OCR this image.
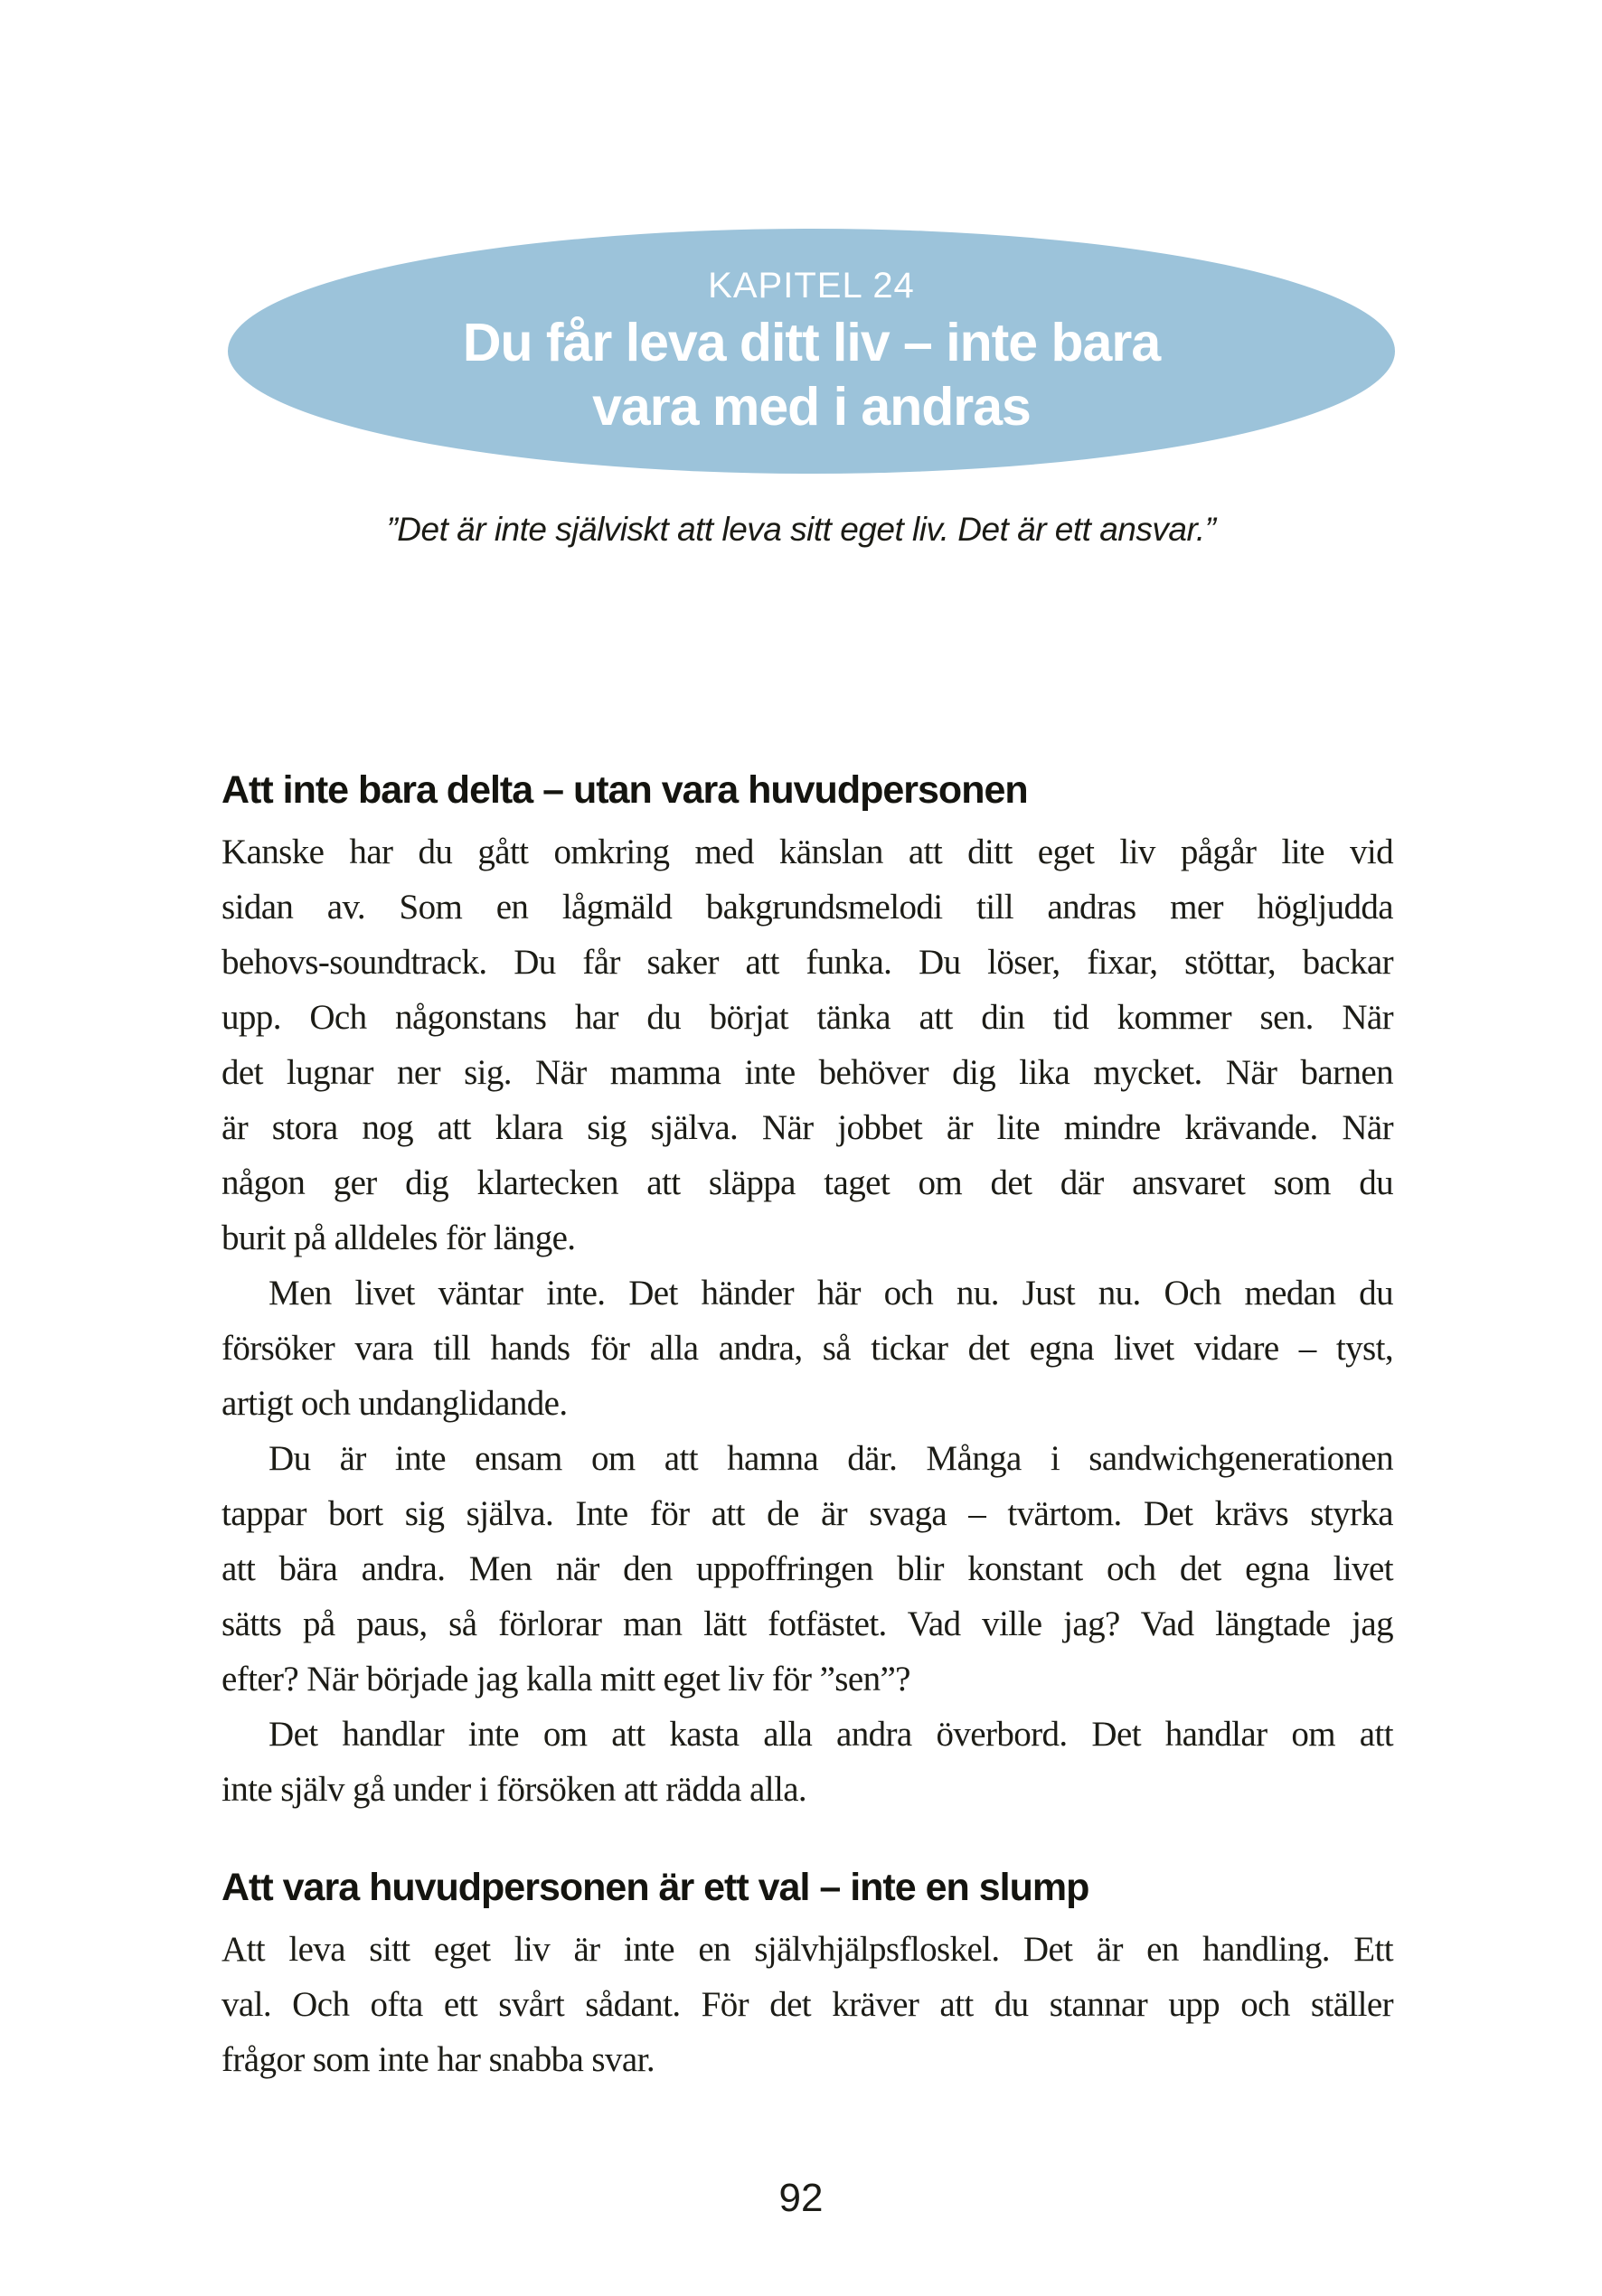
KAPITEL 24
Du får leva ditt liv – inte bara
vara med i andras
”Det är inte själviskt att leva sitt eget liv. Det är ett ansvar.”
Att inte bara delta – utan vara huvudpersonen
Kanske har du gått omkring med känslan att ditt eget liv pågår lite vid
sidan av. Som en lågmäld bakgrundsmelodi till andras mer högljudda
behovs-soundtrack. Du får saker att funka. Du löser, fixar, stöttar, backar
upp. Och någonstans har du börjat tänka att din tid kommer sen. När
det lugnar ner sig. När mamma inte behöver dig lika mycket. När barnen
är stora nog att klara sig själva. När jobbet är lite mindre krävande. När
någon ger dig klartecken att släppa taget om det där ansvaret som du
burit på alldeles för länge.
Men livet väntar inte. Det händer här och nu. Just nu. Och medan du
försöker vara till hands för alla andra, så tickar det egna livet vidare – tyst,
artigt och undanglidande.
Du är inte ensam om att hamna där. Många i sandwichgenerationen
tappar bort sig själva. Inte för att de är svaga – tvärtom. Det krävs styrka
att bära andra. Men när den uppoffringen blir konstant och det egna livet
sätts på paus, så förlorar man lätt fotfästet. Vad ville jag? Vad längtade jag
efter? När började jag kalla mitt eget liv för ”sen”?
Det handlar inte om att kasta alla andra överbord. Det handlar om att
inte själv gå under i försöken att rädda alla.
Att vara huvudpersonen är ett val – inte en slump
Att leva sitt eget liv är inte en självhjälpsfloskel. Det är en handling. Ett
val. Och ofta ett svårt sådant. För det kräver att du stannar upp och ställer
frågor som inte har snabba svar.
92
